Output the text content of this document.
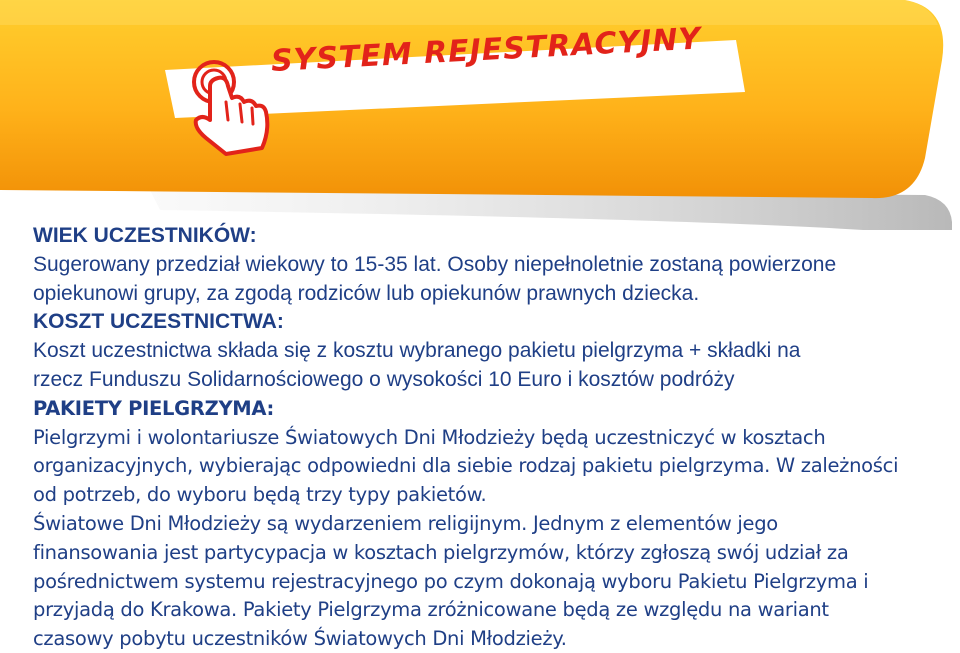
SYSTEM REJESTRACYJNY
WIEK UCZESTNIKÓW:
Sugerowany przedział wiekowy to 15-35 lat. Osoby niepełnoletnie zostaną powierzone
opiekunowi grupy, za zgodą rodziców lub opiekunów prawnych dziecka.
KOSZT UCZESTNICTWA:
Koszt uczestnictwa składa się z kosztu wybranego pakietu pielgrzyma + składki na
rzecz Funduszu Solidarnościowego o wysokości 10 Euro i kosztów podróży
PAKIETY PIELGRZYMA:
Pielgrzymi i wolontariusze Światowych Dni Młodzieży będą uczestniczyć w kosztach
organizacyjnych, wybierając odpowiedni dla siebie rodzaj pakietu pielgrzyma. W zależności
od potrzeb, do wyboru będą trzy typy pakietów.
Światowe Dni Młodzieży są wydarzeniem religijnym. Jednym z elementów jego
finansowania jest partycypacja w kosztach pielgrzymów, którzy zgłoszą swój udział za
pośrednictwem systemu rejestracyjnego po czym dokonają wyboru Pakietu Pielgrzyma i
przyjadą do Krakowa. Pakiety Pielgrzyma zróżnicowane będą ze względu na wariant
czasowy pobytu uczestników Światowych Dni Młodzieży.
